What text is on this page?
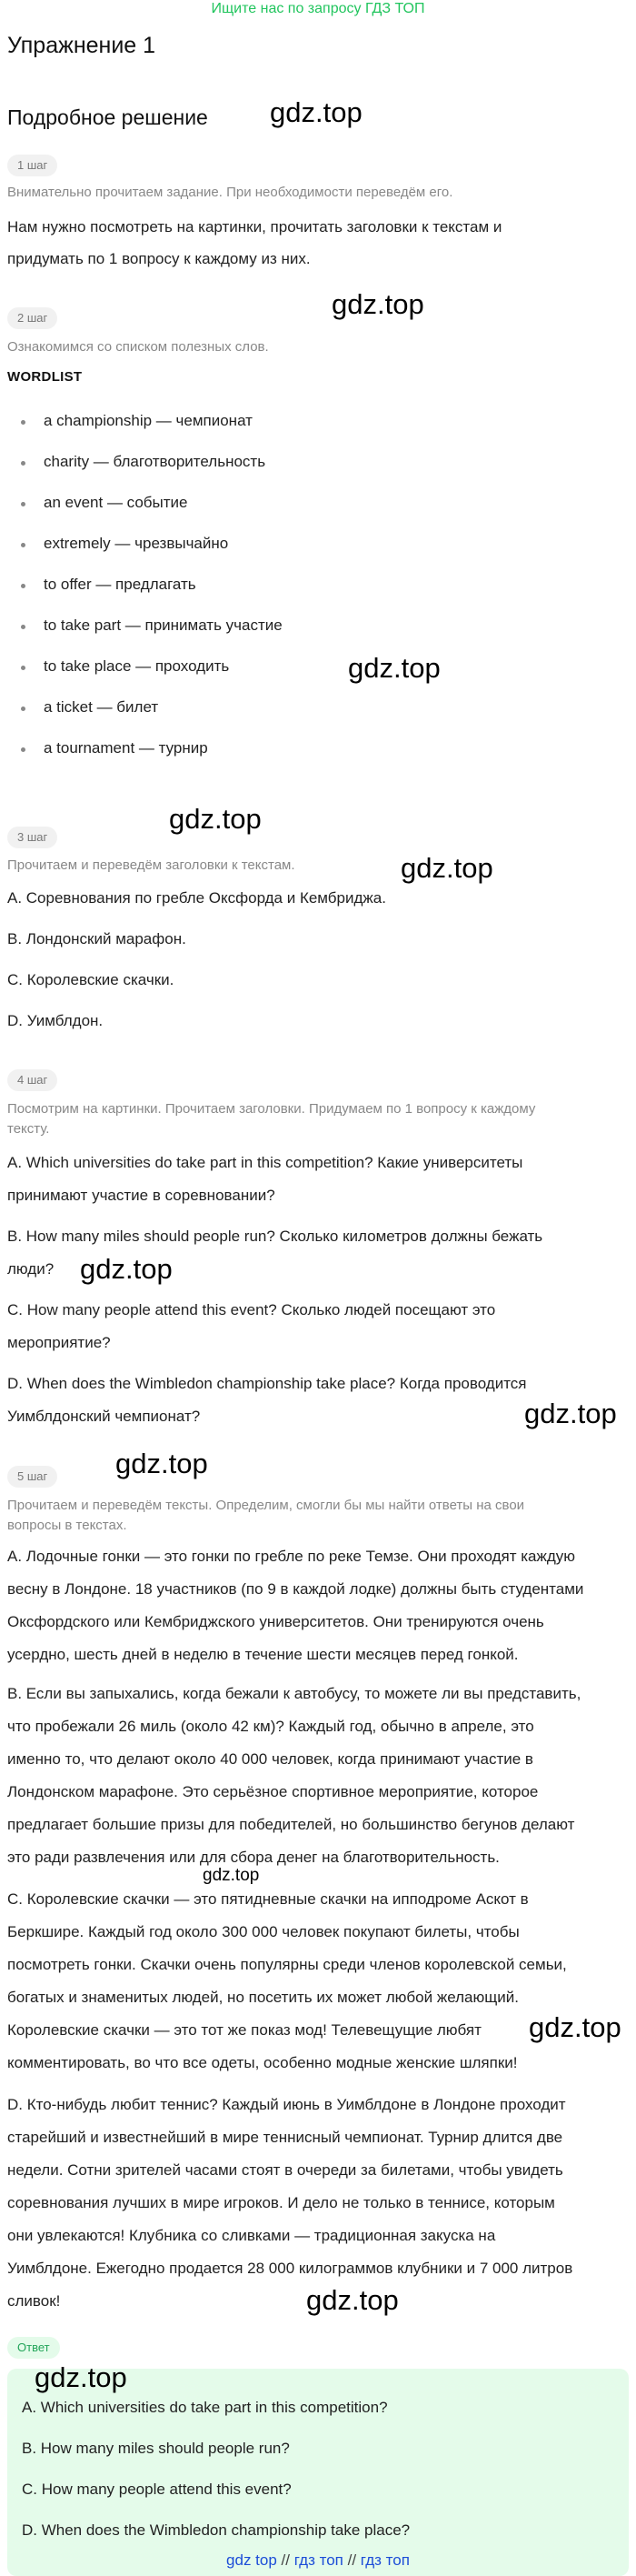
Ищите нас по запросу ГДЗ ТОП
Упражнение 1
Подробное решение gdz.top
1 шаг
Внимательно прочитаем задание. При необходимости переведём его.
Нам нужно посмотреть на картинки, прочитать заголовки к текстам и
придумать по 1 вопросу к каждому из них.
gdz.top
2 шаг
Ознакомимся со списком полезных слов.
WORDLIST
a championship — чемпионат
charity — благотворительность
an event — событие
extremely — чрезвычайно
to offer — предлагать
to take part — принимать участие
to take place — проходить
a ticket — билет
a tournament — турнир
gdz.top
gdz.top
3 шаг
gdz.top
Прочитаем и переведём заголовки к текстам.
A. Соревнования по гребле Оксфорда и Кембриджа.
B. Лондонский марафон.
C. Королевские скачки.
D. Уимблдон.
4 шаг
Посмотрим на картинки. Прочитаем заголовки. Придумаем по 1 вопросу к каждому
тексту.
A. Which universities do take part in this competition? Какие университеты
принимают участие в соревновании?
B. How many miles should people run? Сколько километров должны бежать
люди? gdz.top
C. How many people attend this event? Сколько людей посещают это
мероприятие?
D. When does the Wimbledon championship take place? Когда проводится
Уимблдонский чемпионат?	gdz.top
gdz.top
5 шаг
Прочитаем и переведём тексты. Определим, смогли бы мы найти ответы на свои
вопросы в текстах.
A. Лодочные гонки — это гонки по гребле по реке Темзе. Они проходят каждую
весну в Лондоне. 18 участников (по 9 в каждой лодке) должны быть студентами
Оксфордского или Кембриджского университетов. Они тренируются очень
усердно, шесть дней в неделю в течение шести месяцев перед гонкой.
B. Если вы запыхались, когда бежали к автобусу, то можете ли вы представить,
что пробежали 26 миль (около 42 км)? Каждый год, обычно в апреле, это
именно то, что делают около 40 000 человек, когда принимают участие в
Лондонском марафоне. Это серьёзное спортивное мероприятие, которое
предлагает большие призы для победителей, но большинство бегунов делают
это ради развлечения или для сбора денег на благотворительность.
gdz.top
C. Королевские скачки — это пятидневные скачки на ипподроме Аскот в
Беркшире. Каждый год около 300 000 человек покупают билеты, чтобы
посмотреть гонки. Скачки очень популярны среди членов королевской семьи,
богатых и знаменитых людей, но посетить их может любой желающий.
Королевские скачки — это тот же показ мод! Телевещущие любят
комментировать, во что все одеты, особенно модные женские шляпки!
gdz.top
D. Кто-нибудь любит теннис? Каждый июнь в Уимблдоне в Лондоне проходит
старейший и известнейший в мире теннисный чемпионат. Турнир длится две
недели. Сотни зрителей часами стоят в очереди за билетами, чтобы увидеть
соревнования лучших в мире игроков. И дело не только в теннисе, которым
они увлекаются! Клубника со сливками — традиционная закуска на
Уимблдоне. Ежегодно продается 28 000 килограммов клубники и 7 000 литров
сливок!	gdz.top
Ответ
gdz.top
A. Which universities do take part in this competition?
B. How many miles should people run?
C. How many people attend this event?
D. When does the Wimbledon championship take place?
gdz top // гдз топ // гдз топ
